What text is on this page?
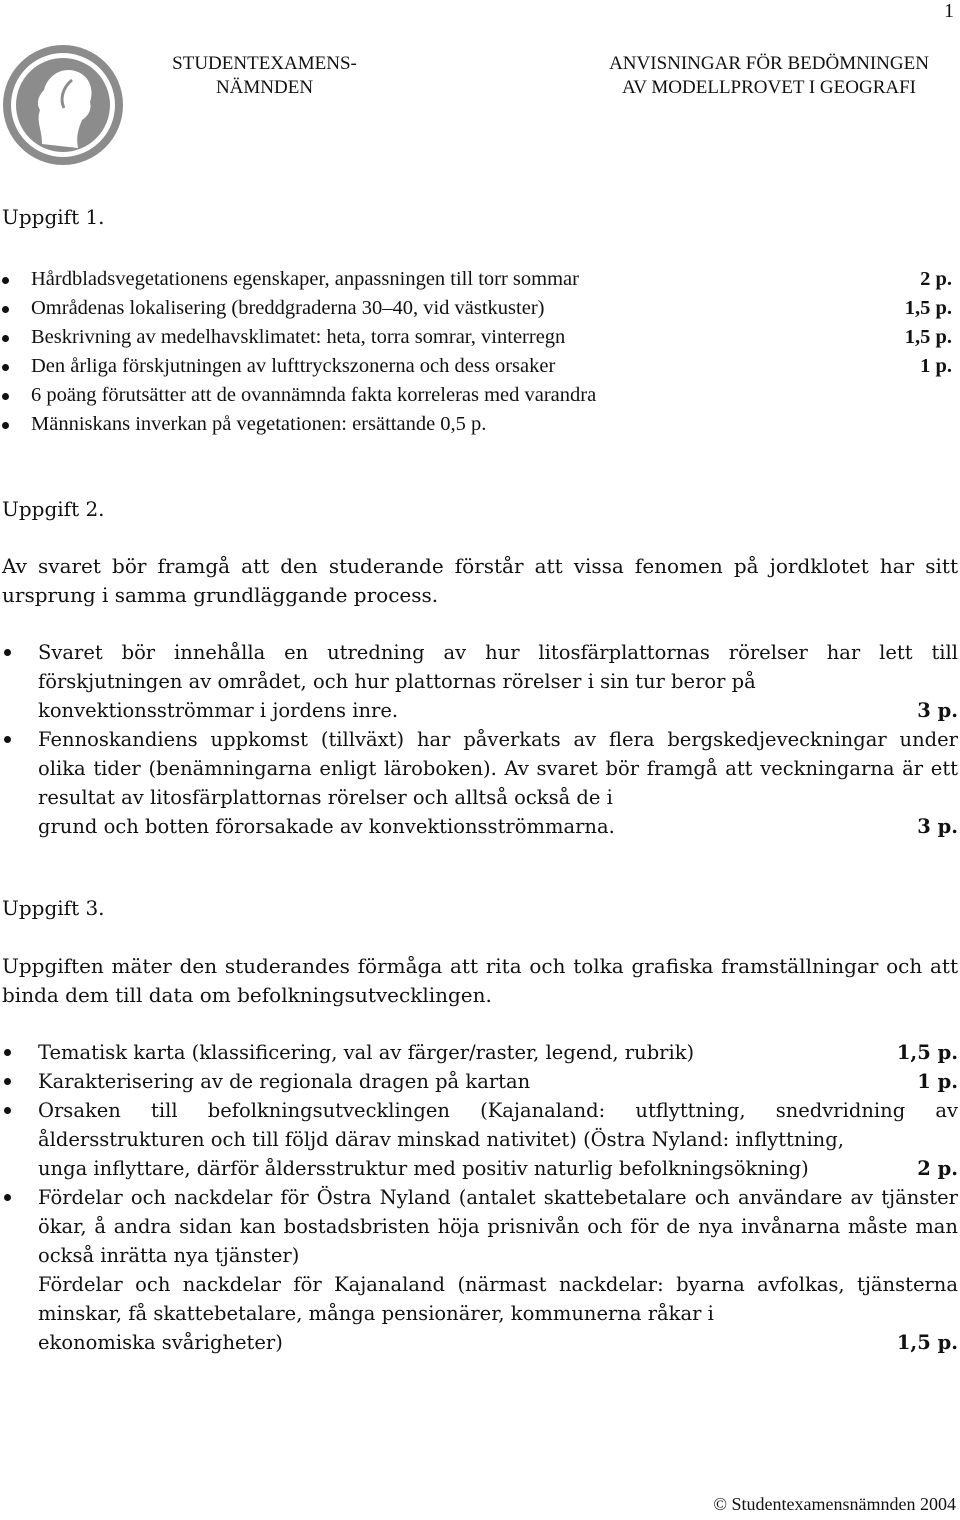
1
STUDENTEXAMENS-
NÄMNDEN
ANVISNINGAR FÖR BEDÖMNINGEN
AV MODELLPROVET I GEOGRAFI
Uppgift 1.
Hårdbladsvegetationens egenskaper, anpassningen till torr sommar	2 p.
Områdenas lokalisering (breddgraderna 30–40, vid västkuster)	1,5 p.
Beskrivning av medelhavsklimatet: heta, torra somrar, vinterregn	1,5 p.
Den årliga förskjutningen av lufttryckszonerna och dess orsaker	1 p.
6 poäng förutsätter att de ovannämnda fakta korreleras med varandra
Människans inverkan på vegetationen: ersättande 0,5 p.
Uppgift 2.

Av svaret bör framgå att den studerande förstår att vissa fenomen på jordklotet har sitt ursprung i samma grundläggande process.

Svaret bör innehålla en utredning av hur litosfärplattornas rörelser har lett till förskjutningen av området, och hur plattornas rörelser i sin tur beror på
konvektionsströmmar i jordens inre.	3 p.
Fennoskandiens uppkomst (tillväxt) har påverkats av flera bergskedjeveckningar under olika tider (benämningarna enligt läroboken). Av svaret bör framgå att veckningarna är ett resultat av litosfärplattornas rörelser och alltså också de i
grund och botten förorsakade av konvektionsströmmarna.	3 p.
Uppgift 3.

Uppgiften mäter den studerandes förmåga att rita och tolka grafiska framställningar och att binda dem till data om befolkningsutvecklingen.

Tematisk karta (klassificering, val av färger/raster, legend, rubrik)	1,5 p.
Karakterisering av de regionala dragen på kartan	1 p.
Orsaken till befolkningsutvecklingen (Kajanaland: utflyttning, snedvridning av åldersstrukturen och till följd därav minskad nativitet) (Östra Nyland: inflyttning,
unga inflyttare, därför åldersstruktur med positiv naturlig befolkningsökning)	2 p.
Fördelar och nackdelar för Östra Nyland (antalet skattebetalare och användare av tjänster ökar, å andra sidan kan bostadsbristen höja prisnivån och för de nya invånarna måste man också inrätta nya tjänster)
Fördelar och nackdelar för Kajanaland (närmast nackdelar: byarna avfolkas, tjänsterna minskar, få skattebetalare, många pensionärer, kommunerna råkar i
ekonomiska svårigheter)	1,5 p.
© Studentexamensnämnden 2004
